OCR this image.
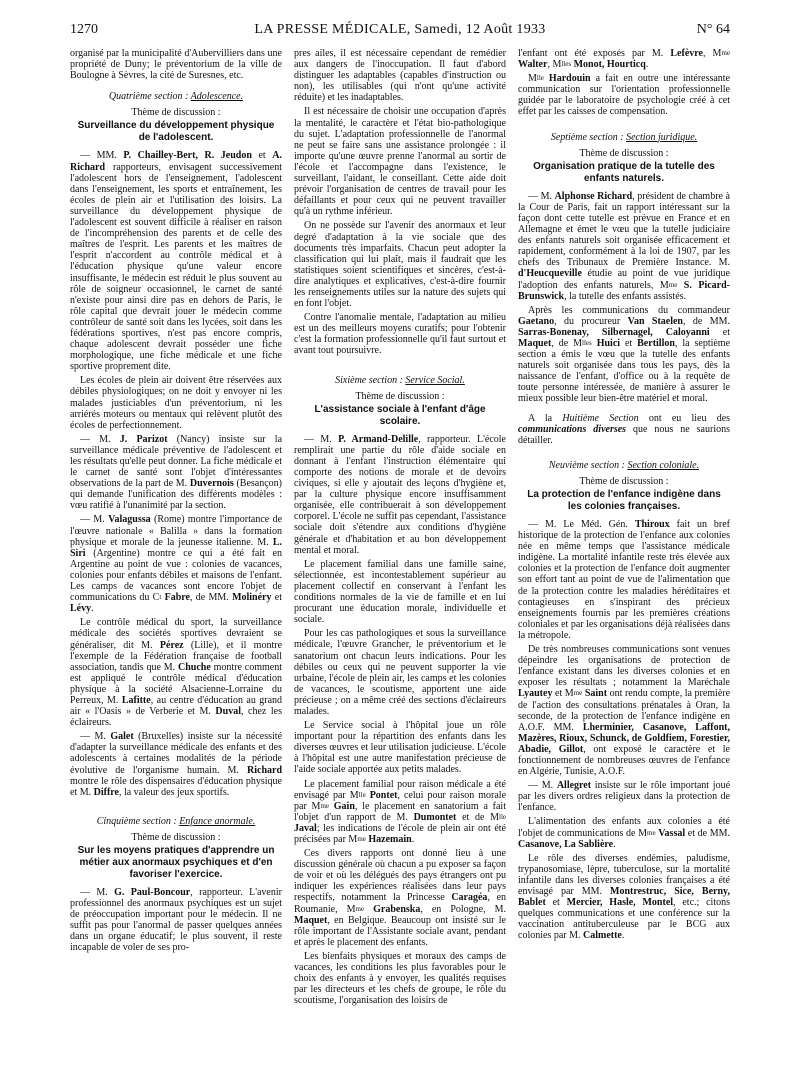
1270	LA PRESSE MÉDICALE, Samedi, 12 Août 1933	N° 64

organisé par la municipalité d'Aubervilliers dans une propriété de Duny; le préventorium de la ville de Boulogne à Sèvres, la cité de Suresnes, etc.

Quatrième section : Adolescence.
Thème de discussion :
Surveillance du développement physique de l'adolescent.

— MM. P. Chailley-Bert, R. Jeudon et A. Richard rapporteurs, envisagent successivement l'adolescent hors de l'enseignement, l'adolescent dans l'enseignement, les sports et entraînement, les écoles de plein air et l'utilisation des loisirs. La surveillance du développement physique de l'adolescent est souvent difficile à réaliser en raison de l'incompréhension des parents et de celle des maîtres de l'esprit. Les parents et les maîtres de l'esprit n'accordent au contrôle médical et à l'éducation physique qu'une valeur encore insuffisante, le médecin est réduit le plus souvent au rôle de soigneur occasionnel, le carnet de santé n'existe pour ainsi dire pas en dehors de Paris, le rôle capital que devrait jouer le médecin comme contrôleur de santé soit dans les lycées, soit dans les fédérations sportives, n'est pas encore compris, chaque adolescent devrait posséder une fiche morphologique, une fiche médicale et une fiche sportive proprement dite.

Les écoles de plein air doivent être réservées aux débiles physiologiques; on ne doit y envoyer ni les malades justiciables d'un préventorium, ni les arriérés moteurs ou mentaux qui relèvent plutôt des écoles de perfectionnement.

— M. J. Parizot (Nancy) insiste sur la surveillance médicale préventive de l'adolescent et les résultats qu'elle peut donner. La fiche médicale et le carnet de santé sont l'objet d'intéressantes observations de la part de M. Duvernois (Besançon) qui demande l'unification des différents modèles : vœu ratifié à l'unanimité par la section.

— M. Valagussa (Rome) montre l'importance de l'œuvre nationale « Balilla » dans la formation physique et morale de la jeunesse italienne. M. L. Siri (Argentine) montre ce qui a été fait en Argentine au point de vue : colonies de vacances, colonies pour enfants débiles et maisons de l'enfant. Les camps de vacances sont encore l'objet de communications du $C^t$ Fabre, de MM. Molinéry et Lévy.

Le contrôle médical du sport, la surveillance médicale des sociétés sportives devraient se généraliser, dit M. Pérez (Lille), et il montre l'exemple de la Fédération française de football association, tandis que M. Chuche montre comment est appliqué le contrôle médical d'éducation physique à la société Alsacienne-Lorraine du Perreux, M. Lafitte, au centre d'éducation au grand air « l'Oasis » de Verberie et M. Duval, chez les éclaireurs.

— M. Galet (Bruxelles) insiste sur la nécessité d'adapter la surveillance médicale des enfants et des adolescents à certaines modalités de la période évolutive de l'organisme humain. M. Richard montre le rôle des dispensaires d'éducation physique et M. Diffre, la valeur des jeux sportifs.

Cinquième section : Enfance anormale.
Thème de discussion :
Sur les moyens pratiques d'apprendre un métier aux anormaux psychiques et d'en favoriser l'exercice.

— M. G. Paul-Boncour, rapporteur. L'avenir professionnel des anormaux psychiques est un sujet de préoccupation important pour le médecin. Il ne suffit pas pour l'anormal de passer quelques années dans un organe éducatif; le plus souvent, il reste incapable de voler de ses pro-

pres ailes, il est nécessaire cependant de remédier aux dangers de l'inoccupation. Il faut d'abord distinguer les adaptables (capables d'instruction ou non), les utilisables (qui n'ont qu'une activité réduite) et les inadaptables.

Il est nécessaire de choisir une occupation d'après la mentalité, le caractère et l'état bio-pathologique du sujet. L'adaptation professionnelle de l'anormal ne peut se faire sans une assistance prolongée : il importe qu'une œuvre prenne l'anormal au sortir de l'école et l'accompagne dans l'existence, le surveillant, l'aidant, le conseillant. Cette aide doit prévoir l'organisation de centres de travail pour les défaillants et pour ceux qui ne peuvent travailler qu'à un rythme inférieur.

On ne possède sur l'avenir des anormaux et leur degré d'adaptation à la vie sociale que des documents très imparfaits. Chacun peut adopter la classification qui lui plaît, mais il faudrait que les statistiques soient scientifiques et sincères, c'est-à-dire analytiques et explicatives, c'est-à-dire fournir les renseignements utiles sur la nature des sujets qui en font l'objet.

Contre l'anomalie mentale, l'adaptation au milieu est un des meilleurs moyens curatifs; pour l'obtenir c'est la formation professionnelle qu'il faut surtout et avant tout poursuivre.

Sixième section : Service Social.
Thème de discussion :
L'assistance sociale à l'enfant d'âge scolaire.

— M. P. Armand-Delille, rapporteur. L'école remplirait une partie du rôle d'aide sociale en donnant à l'enfant l'instruction élémentaire qui comporte des notions de morale et de devoirs civiques, si elle y ajoutait des leçons d'hygiène et, par la culture physique encore insuffisamment organisée, elle contribuerait à son développement corporel. L'école ne suffit pas cependant, l'assistance sociale doit s'étendre aux conditions d'hygiène générale et d'habitation et au bon développement mental et moral.

Le placement familial dans une famille saine, sélectionnée, est incontestablement supérieur au placement collectif en conservant à l'enfant les conditions normales de la vie de famille et en lui procurant une éducation morale, individuelle et sociale.

Pour les cas pathologiques et sous la surveillance médicale, l'œuvre Grancher, le préventorium et le sanatorium ont chacun leurs indications. Pour les débiles ou ceux qui ne peuvent supporter la vie urbaine, l'école de plein air, les camps et les colonies de vacances, le scoutisme, apportent une aide précieuse ; on a même créé des sections d'éclaireurs malades.

Le Service social à l'hôpital joue un rôle important pour la répartition des enfants dans les diverses œuvres et leur utilisation judicieuse. L'école à l'hôpital est une autre manifestation précieuse de l'aide sociale apportée aux petits malades.

Le placement familial pour raison médicale a été envisagé par $M^{lle}$ Pontet, celui pour raison morale par $M^{me}$ Gain, le placement en sanatorium a fait l'objet d'un rapport de M. Dumontet et de $M^{lle}$ Javal; les indications de l'école de plein air ont été précisées par $M^{me}$ Hazemain.

Ces divers rapports ont donné lieu à une discussion générale où chacun a pu exposer sa façon de voir et où les délégués des pays étrangers ont pu indiquer les expériences réalisées dans leur pays respectifs, notamment la Princesse Caragéa, en Roumanie, $M^{me}$ Grabenska, en Pologne, M. Maquet, en Belgique. Beaucoup ont insisté sur le rôle important de l'Assistante sociale avant, pendant et après le placement des enfants.

Les bienfaits physiques et moraux des camps de vacances, les conditions les plus favorables pour le choix des enfants à y envoyer, les qualités requises par les directeurs et les chefs de groupe, le rôle du scoutisme, l'organisation des loisirs de

l'enfant ont été exposés par M. Lefèvre, $M^{me}$ Walter, $M^{lles}$ Monot, Hourticq.

$M^{lle}$ Hardouin a fait en outre une intéressante communication sur l'orientation professionnelle guidée par le laboratoire de psychologie créé à cet effet par les caisses de compensation.

Septième section : Section juridique.
Thème de discussion :
Organisation pratique de la tutelle des enfants naturels.

— M. Alphonse Richard, président de chambre à la Cour de Paris, fait un rapport intéressant sur la façon dont cette tutelle est prévue en France et en Allemagne et émet le vœu que la tutelle judiciaire des enfants naturels soit organisée efficacement et rapidement, conformément à la loi de 1907, par les chefs des Tribunaux de Première Instance. M. d'Heucqueville étudie au point de vue juridique l'adoption des enfants naturels, $M^{me}$ S. Picard-Brunswick, la tutelle des enfants assistés.

Après les communications du commandeur Gaetano, du procureur Van Staelen, de MM. Sarras-Bonenay, Silbernagel, Caloyanni et Maquet, de $M^{lles}$ Huici et Bertillon, la septième section a émis le vœu que la tutelle des enfants naturels soit organisée dans tous les pays, dès la naissance de l'enfant, d'office ou à la requête de toute personne intéressée, de manière à assurer le mieux possible leur bien-être matériel et moral.

A la Huitième Section ont eu lieu des communications diverses que nous ne saurions détailler.

Neuvième section : Section coloniale.
Thème de discussion :
La protection de l'enfance indigène dans les colonies françaises.

— M. Le Méd. Gén. Thiroux fait un bref historique de la protection de l'enfance aux colonies née en même temps que l'assistance médicale indigène. La mortalité infantile reste très élevée aux colonies et la protection de l'enfance doit augmenter son effort tant au point de vue de l'alimentation que de la protection contre les maladies héréditaires et contagieuses en s'inspirant des précieux enseignements fournis par les premières créations coloniales et par les organisations déjà réalisées dans la métropole.

De très nombreuses communications sont venues dépeindre les organisations de protection de l'enfance existant dans les diverses colonies et en exposer les résultats ; notamment la Maréchale Lyautey et $M^{me}$ Saint ont rendu compte, la première de l'action des consultations prénatales à Oran, la seconde, de la protection de l'enfance indigène en A.O.F. MM. Lherminier, Casanove, Laffont, Mazères, Rioux, Schunck, de Goldfiem, Forestier, Abadie, Gillot, ont exposé le caractère et le fonctionnement de nombreuses œuvres de l'enfance en Algérie, Tunisie, A.O.F.

— M. Allegret insiste sur le rôle important joué par les divers ordres religieux dans la protection de l'enfance.

L'alimentation des enfants aux colonies a été l'objet de communications de $M^{me}$ Vassal et de MM. Casanove, La Sablière.

Le rôle des diverses endémies, paludisme, trypanosomiase, lèpre, tuberculose, sur la mortalité infantile dans les diverses colonies françaises a été envisagé par MM. Montrestruc, Sice, Berny, Bablet et Mercier, Hasle, Montel, etc.; citons quelques communications et une conférence sur la vaccination antituberculeuse par le BCG aux colonies par M. Calmette.
